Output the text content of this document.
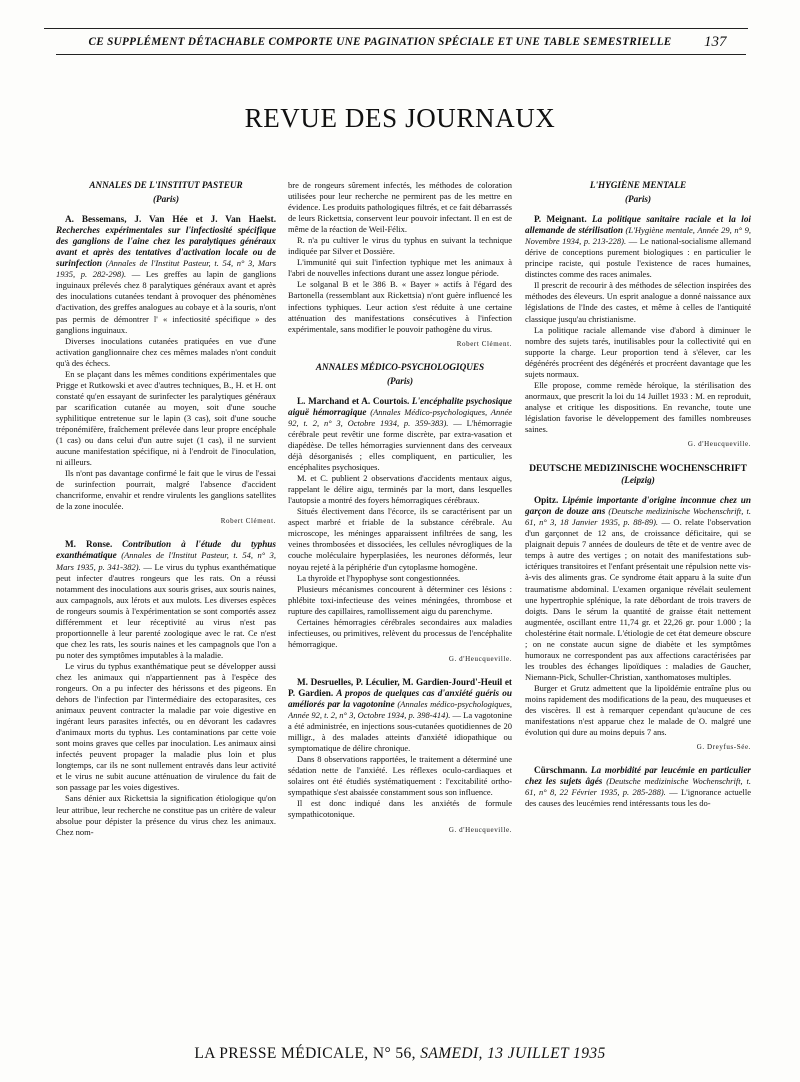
CE SUPPLÉMENT DÉTACHABLE COMPORTE UNE PAGINATION SPÉCIALE ET UNE TABLE SEMESTRIELLE	137
REVUE DES JOURNAUX
ANNALES DE L'INSTITUT PASTEUR
(Paris)
A. Bessemans, J. Van Hée et J. Van Haelst. Recherches expérimentales sur l'infectiosité spécifique des ganglions de l'aine chez les paralytiques généraux avant et après des tentatives d'activation locale ou de surinfection (Annales de l'Institut Pasteur, t. 54, n° 3, Mars 1935, p. 282-298). — Les greffes au lapin de ganglions inguinaux prélevés chez 8 paralytiques généraux avant et après des inoculations cutanées tendant à provoquer des phénomènes d'activation, des greffes analogues au cobaye et à la souris, n'ont pas permis de démontrer l' « infectiosité spécifique » des ganglions inguinaux.

Diverses inoculations cutanées pratiquées en vue d'une activation ganglionnaire chez ces mêmes malades n'ont conduit qu'à des échecs.

En se plaçant dans les mêmes conditions expérimentales que Prigge et Rutkowski et avec d'autres techniques, B., H. et H. ont constaté qu'en essayant de surinfecter les paralytiques généraux par scarification cutanée au moyen, soit d'une souche syphilitique entretenue sur le lapin (3 cas), soit d'une souche tréponémifère, fraîchement prélevée dans leur propre encéphale (1 cas) ou dans celui d'un autre sujet (1 cas), il ne survient aucune manifestation spécifique, ni à l'endroit de l'inoculation, ni ailleurs.

Ils n'ont pas davantage confirmé le fait que le virus de l'essai de surinfection pourrait, malgré l'absence d'accident chancriforme, envahir et rendre virulents les ganglions satellites de la zone inoculée.

Robert Clément.
M. Ronse. Contribution à l'étude du typhus exanthématique (Annales de l'Institut Pasteur, t. 54, n° 3, Mars 1935, p. 341-382). — Le virus du typhus exanthématique peut infecter d'autres rongeurs que les rats. On a réussi notamment des inoculations aux souris grises, aux souris naines, aux campagnols, aux lérots et aux mulots. Les diverses espèces de rongeurs soumis à l'expérimentation se sont comportés assez différemment et leur réceptivité au virus n'est pas proportionnelle à leur parenté zoologique avec le rat. Ce n'est que chez les rats, les souris naines et les campagnols que l'on a pu noter des symptômes imputables à la maladie.

Le virus du typhus exanthématique peut se développer aussi chez les animaux qui n'appartiennent pas à l'espèce des rongeurs. On a pu infecter des hérissons et des pigeons. En dehors de l'infection par l'intermédiaire des ectoparasites, ces animaux peuvent contracter la maladie par voie digestive en ingérant leurs parasites infectés, ou en dévorant les cadavres d'animaux morts du typhus. Les contaminations par cette voie sont moins graves que celles par inoculation. Les animaux ainsi infectés peuvent propager la maladie plus loin et plus longtemps, car ils ne sont nullement entravés dans leur activité et le virus ne subit aucune atténuation de virulence du fait de son passage par les voies digestives.

Sans dénier aux Rickettsia la signification étiologique qu'on leur attribue, leur recherche ne constitue pas un critère de valeur absolue pour dépister la présence du virus chez les animaux. Chez nom-

bre de rongeurs sûrement infectés, les méthodes de coloration utilisées pour leur recherche ne permirent pas de les mettre en évidence. Les produits pathologiques filtrés, et ce fait débarrassés de leurs Rickettsia, conservent leur pouvoir infectant. Il en est de même de la réaction de Weil-Félix.

R. n'a pu cultiver le virus du typhus en suivant la technique indiquée par Silver et Dossière.

L'immunité qui suit l'infection typhique met les animaux à l'abri de nouvelles infections durant une assez longue période.

Le solganal B et le 386 B. « Bayer » actifs à l'égard des Bartonella (ressemblant aux Rickettsia) n'ont guère influencé les infections typhiques. Leur action s'est réduite à une certaine atténuation des manifestations consécutives à l'infection expérimentale, sans modifier le pouvoir pathogène du virus.

Robert Clément.
ANNALES MÉDICO-PSYCHOLOGIQUES
(Paris)
L. Marchand et A. Courtois. L'encéphalite psychosique aiguë hémorragique (Annales Médico-psychologiques, Année 92, t. 2, n° 3, Octobre 1934, p. 359-383). — L'hémorragie cérébrale peut revêtir une forme discrète, par extra-vasation et diapédèse. De telles hémorragies surviennent dans des cerveaux déjà désorganisés ; elles compliquent, en particulier, les encéphalites psychosiques.

M. et C. publient 2 observations d'accidents mentaux aigus, rappelant le délire aigu, terminés par la mort, dans lesquelles l'autopsie a montré des foyers hémorragiques cérébraux.

Situés électivement dans l'écorce, ils se caractérisent par un aspect marbré et friable de la substance cérébrale. Au microscope, les méninges apparaissent infiltrées de sang, les veines thrombosées et dissociées, les cellules névrogliques de la couche moléculaire hyperplasiées, les neurones déformés, leur noyau rejeté à la périphérie d'un cytoplasme homogène.

La thyroïde et l'hypophyse sont congestionnées.

Plusieurs mécanismes concourent à déterminer ces lésions : phlébite toxi-infectieuse des veines méningées, thrombose et rupture des capillaires, ramollissement aigu du parenchyme.

Certaines hémorragies cérébrales secondaires aux maladies infectieuses, ou primitives, relèvent du processus de l'encéphalite hémorragique.

G. d'Heucqueville.
M. Desruelles, P. Léculier, M. Gardien-Jourd'-Heuil et P. Gardien. A propos de quelques cas d'anxiété guéris ou améliorés par la vagotonine (Annales médico-psychologiques, Année 92, t. 2, n° 3, Octobre 1934, p. 398-414). — La vagotonine a été administrée, en injections sous-cutanées quotidiennes de 20 milligr., à des malades atteints d'anxiété idiopathique ou symptomatique de délire chronique.

Dans 8 observations rapportées, le traitement a déterminé une sédation nette de l'anxiété. Les réflexes oculo-cardiaques et solaires ont été étudiés systématiquement : l'excitabilité ortho-sympathique s'est abaissée constamment sous son influence.

Il est donc indiqué dans les anxiétés de formule sympathicotonique.

G. d'Heucqueville.
L'HYGIÈNE MENTALE
(Paris)
P. Meignant. La politique sanitaire raciale et la loi allemande de stérilisation (L'Hygiène mentale, Année 29, n° 9, Novembre 1934, p. 213-228). — Le national-socialisme allemand dérive de conceptions purement biologiques : en particulier le principe raciste, qui postule l'existence de races humaines, distinctes comme des races animales.

Il prescrit de recourir à des méthodes de sélection inspirées des méthodes des éleveurs. Un esprit analogue a donné naissance aux législations de l'Inde des castes, et même à celles de l'antiquité classique jusqu'au christianisme.

La politique raciale allemande vise d'abord à diminuer le nombre des sujets tarés, inutilisables pour la collectivité qui en supporte la charge. Leur proportion tend à s'élever, car les dégénérés procréent des dégénérés et procréent davantage que les sujets normaux.

Elle propose, comme remède héroïque, la stérilisation des anormaux, que prescrit la loi du 14 Juillet 1933 : M. en reproduit, analyse et critique les dispositions. En revanche, toute une législation favorise le développement des familles nombreuses saines.

G. d'Heucqueville.
DEUTSCHE MEDIZINISCHE WOCHENSCHRIFT
(Leipzig)
Opitz. Lipémie importante d'origine inconnue chez un garçon de douze ans (Deutsche medizinische Wochenschrift, t. 61, n° 3, 18 Janvier 1935, p. 88-89). — O. relate l'observation d'un garçonnet de 12 ans, de croissance déficitaire, qui se plaignait depuis 7 années de douleurs de tête et de ventre avec de temps à autre des vertiges ; on notait des manifestations sub-ictériques transitoires et l'enfant présentait une répulsion nette vis-à-vis des aliments gras. Ce syndrome était apparu à la suite d'un traumatisme abdominal. L'examen organique révélait seulement une hypertrophie splénique, la rate débordant de trois travers de doigts. Dans le sérum la quantité de graisse était nettement augmentée, oscillant entre 11,74 gr. et 22,26 gr. pour 1.000 ; la cholestérine était normale. L'étiologie de cet état demeure obscure ; on ne constate aucun signe de diabète et les symptômes humoraux ne correspondent pas aux affections caractérisées par les troubles des échanges lipoïdiques : maladies de Gaucher, Niemann-Pick, Schuller-Christian, xanthomatoses multiples.

Burger et Grutz admettent que la lipoïdémie entraîne plus ou moins rapidement des modifications de la peau, des muqueuses et des viscères. Il est à remarquer cependant qu'aucune de ces manifestations n'est apparue chez le malade de O. malgré une évolution qui dure au moins depuis 7 ans.

G. Dreyfus-Sée.
Cürschmann. La morbidité par leucémie en particulier chez les sujets âgés (Deutsche medizinische Wochenschrift, t. 61, n° 8, 22 Février 1935, p. 285-288). — L'ignorance actuelle des causes des leucémies rend intéressants tous les do-
LA PRESSE MÉDICALE, N° 56, SAMEDI, 13 JUILLET 1935
